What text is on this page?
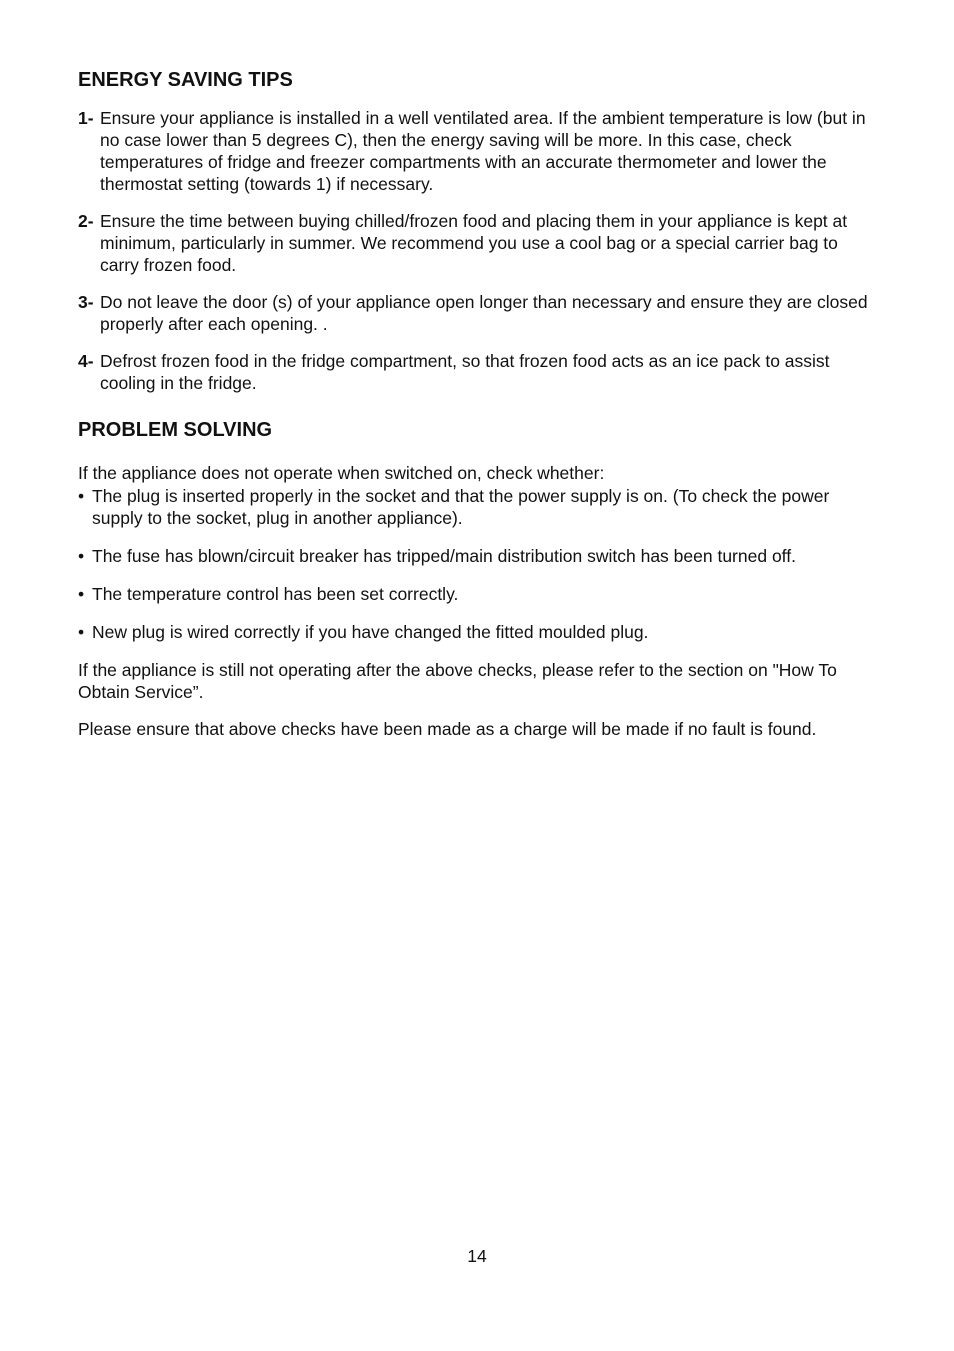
ENERGY SAVING TIPS
1- Ensure your appliance is installed in a well ventilated area. If the ambient temperature is low (but in no case lower than 5 degrees C), then the energy saving will be more. In this case, check temperatures of fridge and freezer compartments with an accurate thermometer and lower the thermostat setting (towards 1) if necessary.
2- Ensure the time between buying chilled/frozen food and placing them in your appliance is kept at minimum, particularly in summer. We recommend you use a cool bag or a special carrier bag to carry frozen food.
3- Do not leave the door (s) of your appliance open longer than necessary and ensure they are closed properly after each opening. .
4- Defrost frozen food in the fridge compartment, so that frozen food acts as an ice pack to assist cooling in the fridge.
PROBLEM SOLVING

If the appliance does not operate when switched on, check whether:

• The plug is inserted properly in the socket and that the power supply is on. (To check the power supply to the socket, plug in another appliance).
• The fuse has blown/circuit breaker has tripped/main distribution switch has been turned off.
• The temperature control has been set correctly.
• New plug is wired correctly if you have changed the fitted moulded plug.

If the appliance is still not operating after the above checks, please refer to the section on "How To Obtain Service”.

Please ensure that above checks have been made as a charge will be made if no fault is found.

14
